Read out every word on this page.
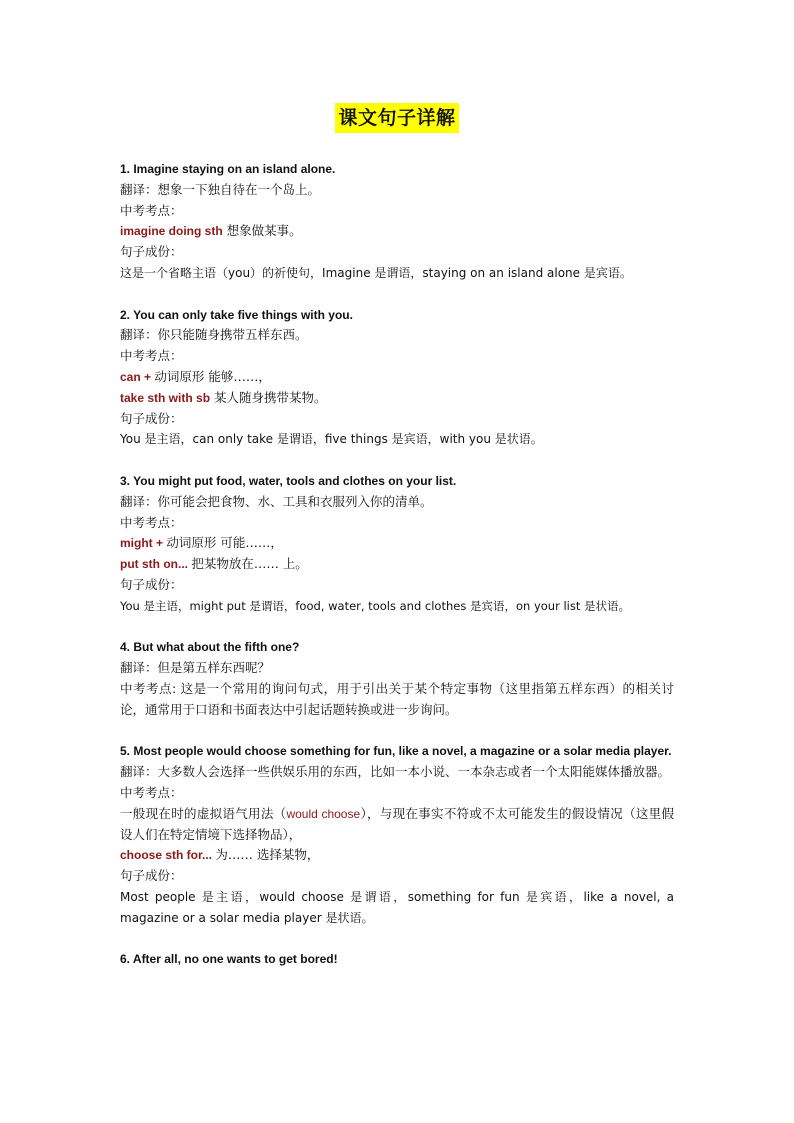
课文句子详解
1. Imagine staying on an island alone.
翻译：想象一下独自待在一个岛上。
中考考点：
imagine doing sth 想象做某事。
句子成份：
这是一个省略主语（you）的祈使句，Imagine 是谓语，staying on an island alone 是宾语。
2. You can only take five things with you.
翻译：你只能随身携带五样东西。
中考考点：
can + 动词原形 能够……，
take sth with sb 某人随身携带某物。
句子成份：
You 是主语，can only take 是谓语，five things 是宾语，with you 是状语。
3. You might put food, water, tools and clothes on your list.
翻译：你可能会把食物、水、工具和衣服列入你的清单。
中考考点：
might + 动词原形 可能……，
put sth on... 把某物放在…… 上。
句子成份：
You 是主语，might put 是谓语，food, water, tools and clothes 是宾语，on your list 是状语。
4. But what about the fifth one?
翻译：但是第五样东西呢？
中考考点: 这是一个常用的询问句式，用于引出关于某个特定事物（这里指第五样东西）的相关讨论，通常用于口语和书面表达中引起话题转换或进一步询问。
5. Most people would choose something for fun, like a novel, a magazine or a solar media player.
翻译：大多数人会选择一些供娱乐用的东西，比如一本小说、一本杂志或者一个太阳能媒体播放器。
中考考点：
一般现在时的虚拟语气用法（would choose），与现在事实不符或不太可能发生的假设情况（这里假设人们在特定情境下选择物品），
choose sth for... 为…… 选择某物，
句子成份：
Most people 是主语，would choose 是谓语，something for fun 是宾语，like a novel, a magazine or a solar media player 是状语。
6. After all, no one wants to get bored!
